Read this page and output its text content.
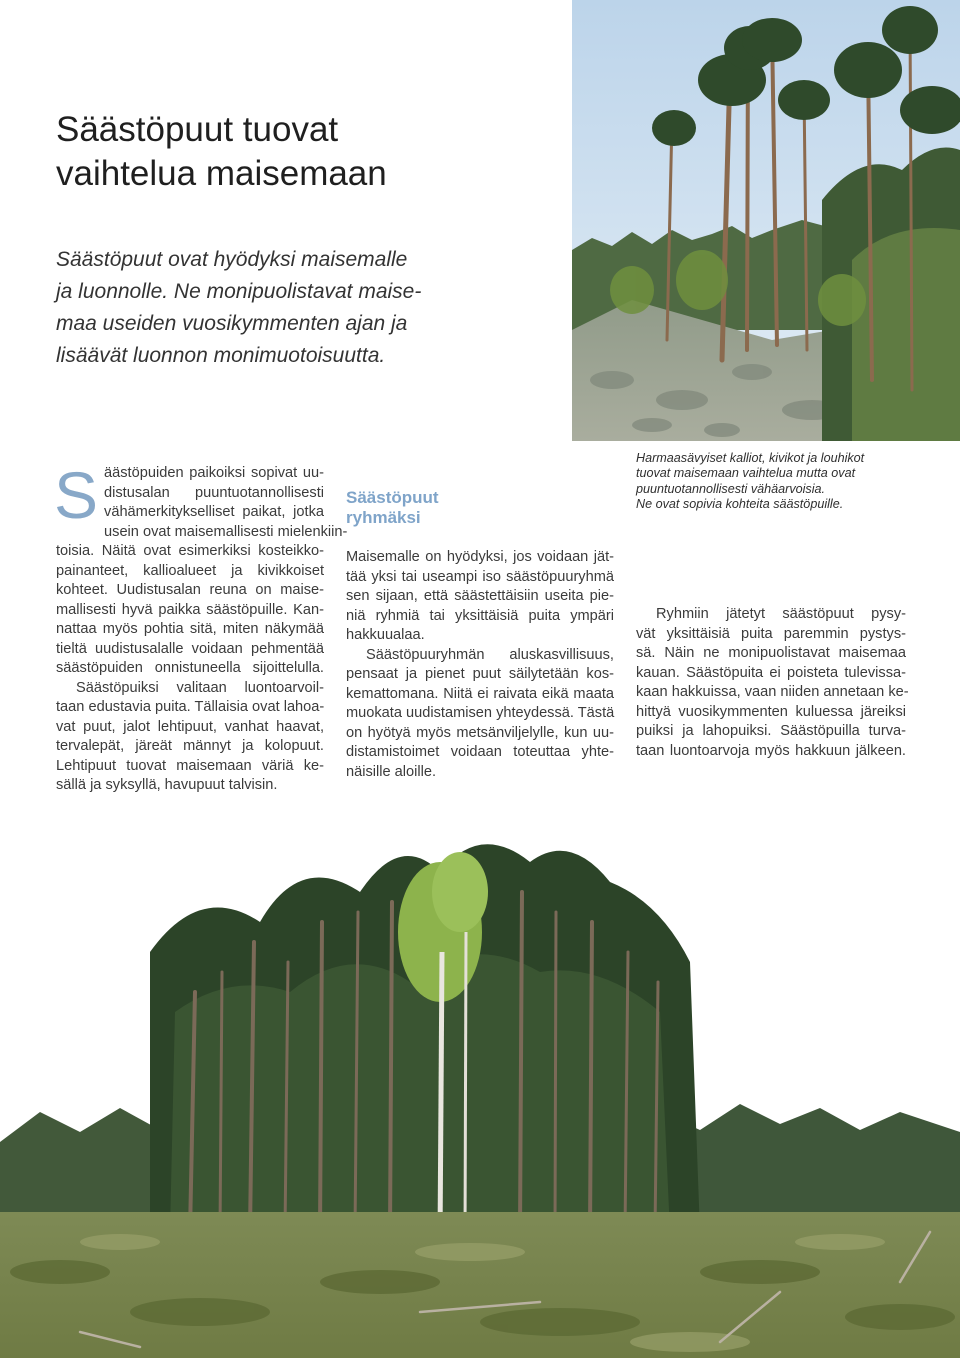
Säästöpuut tuovat
vaihtelua maisemaan
Säästöpuut ovat hyödyksi maisemalle
ja luonnolle. Ne monipuolistavat maise-
maa useiden vuosikymmenten ajan ja
lisäävät luonnon monimuotoisuutta.
S äästöpuiden paikoiksi sopivat uu-
distusalan puuntuotannollisesti
vähämerkitykselliset paikat, jotka
usein ovat maisemallisesti mielenkiin-
toisia. Näitä ovat esimerkiksi kosteikko-
painanteet, kallioalueet ja kivikkoiset
kohteet. Uudistusalan reuna on maise-
mallisesti hyvä paikka säästöpuille. Kan-
nattaa myös pohtia sitä, miten näkymää
tieltä uudistusalalle voidaan pehmentää
säästöpuiden onnistuneella sijoittelulla.
Säästöpuiksi valitaan luontoarvoil-
taan edustavia puita. Tällaisia ovat lahoa-
vat puut, jalot lehtipuut, vanhat haavat,
tervalepät, järeät männyt ja kolopuut.
Lehtipuut tuovat maisemaan väriä ke-
sällä ja syksyllä, havupuut talvisin.
Säästöpuut
ryhmäksi
Maisemalle on hyödyksi, jos voidaan jät-
tää yksi tai useampi iso säästöpuuryhmä
sen sijaan, että säästettäisiin useita pie-
niä ryhmiä tai yksittäisiä puita ympäri
hakkuualaa.
Säästöpuuryhmän aluskasvillisuus,
pensaat ja pienet puut säilytetään kos-
kemattomana. Niitä ei raivata eikä maata
muokata uudistamisen yhteydessä. Tästä
on hyötyä myös metsänviljelylle, kun uu-
distamistoimet voidaan toteuttaa yhte-
näisille aloille.
Harmaasävyiset kalliot, kivikot ja louhikot
tuovat maisemaan vaihtelua mutta ovat
puuntuotannollisesti vähäarvoisia.
Ne ovat sopivia kohteita säästöpuille.
Ryhmiin jätetyt säästöpuut pysy-
vät yksittäisiä puita paremmin pystys-
sä. Näin ne monipuolistavat maisemaa
kauan. Säästöpuita ei poisteta tulevissa-
kaan hakkuissa, vaan niiden annetaan ke-
hittyä vuosikymmenten kuluessa järeiksi
puiksi ja lahopuiksi. Säästöpuilla turva-
taan luontoarvoja myös hakkuun jälkeen.
